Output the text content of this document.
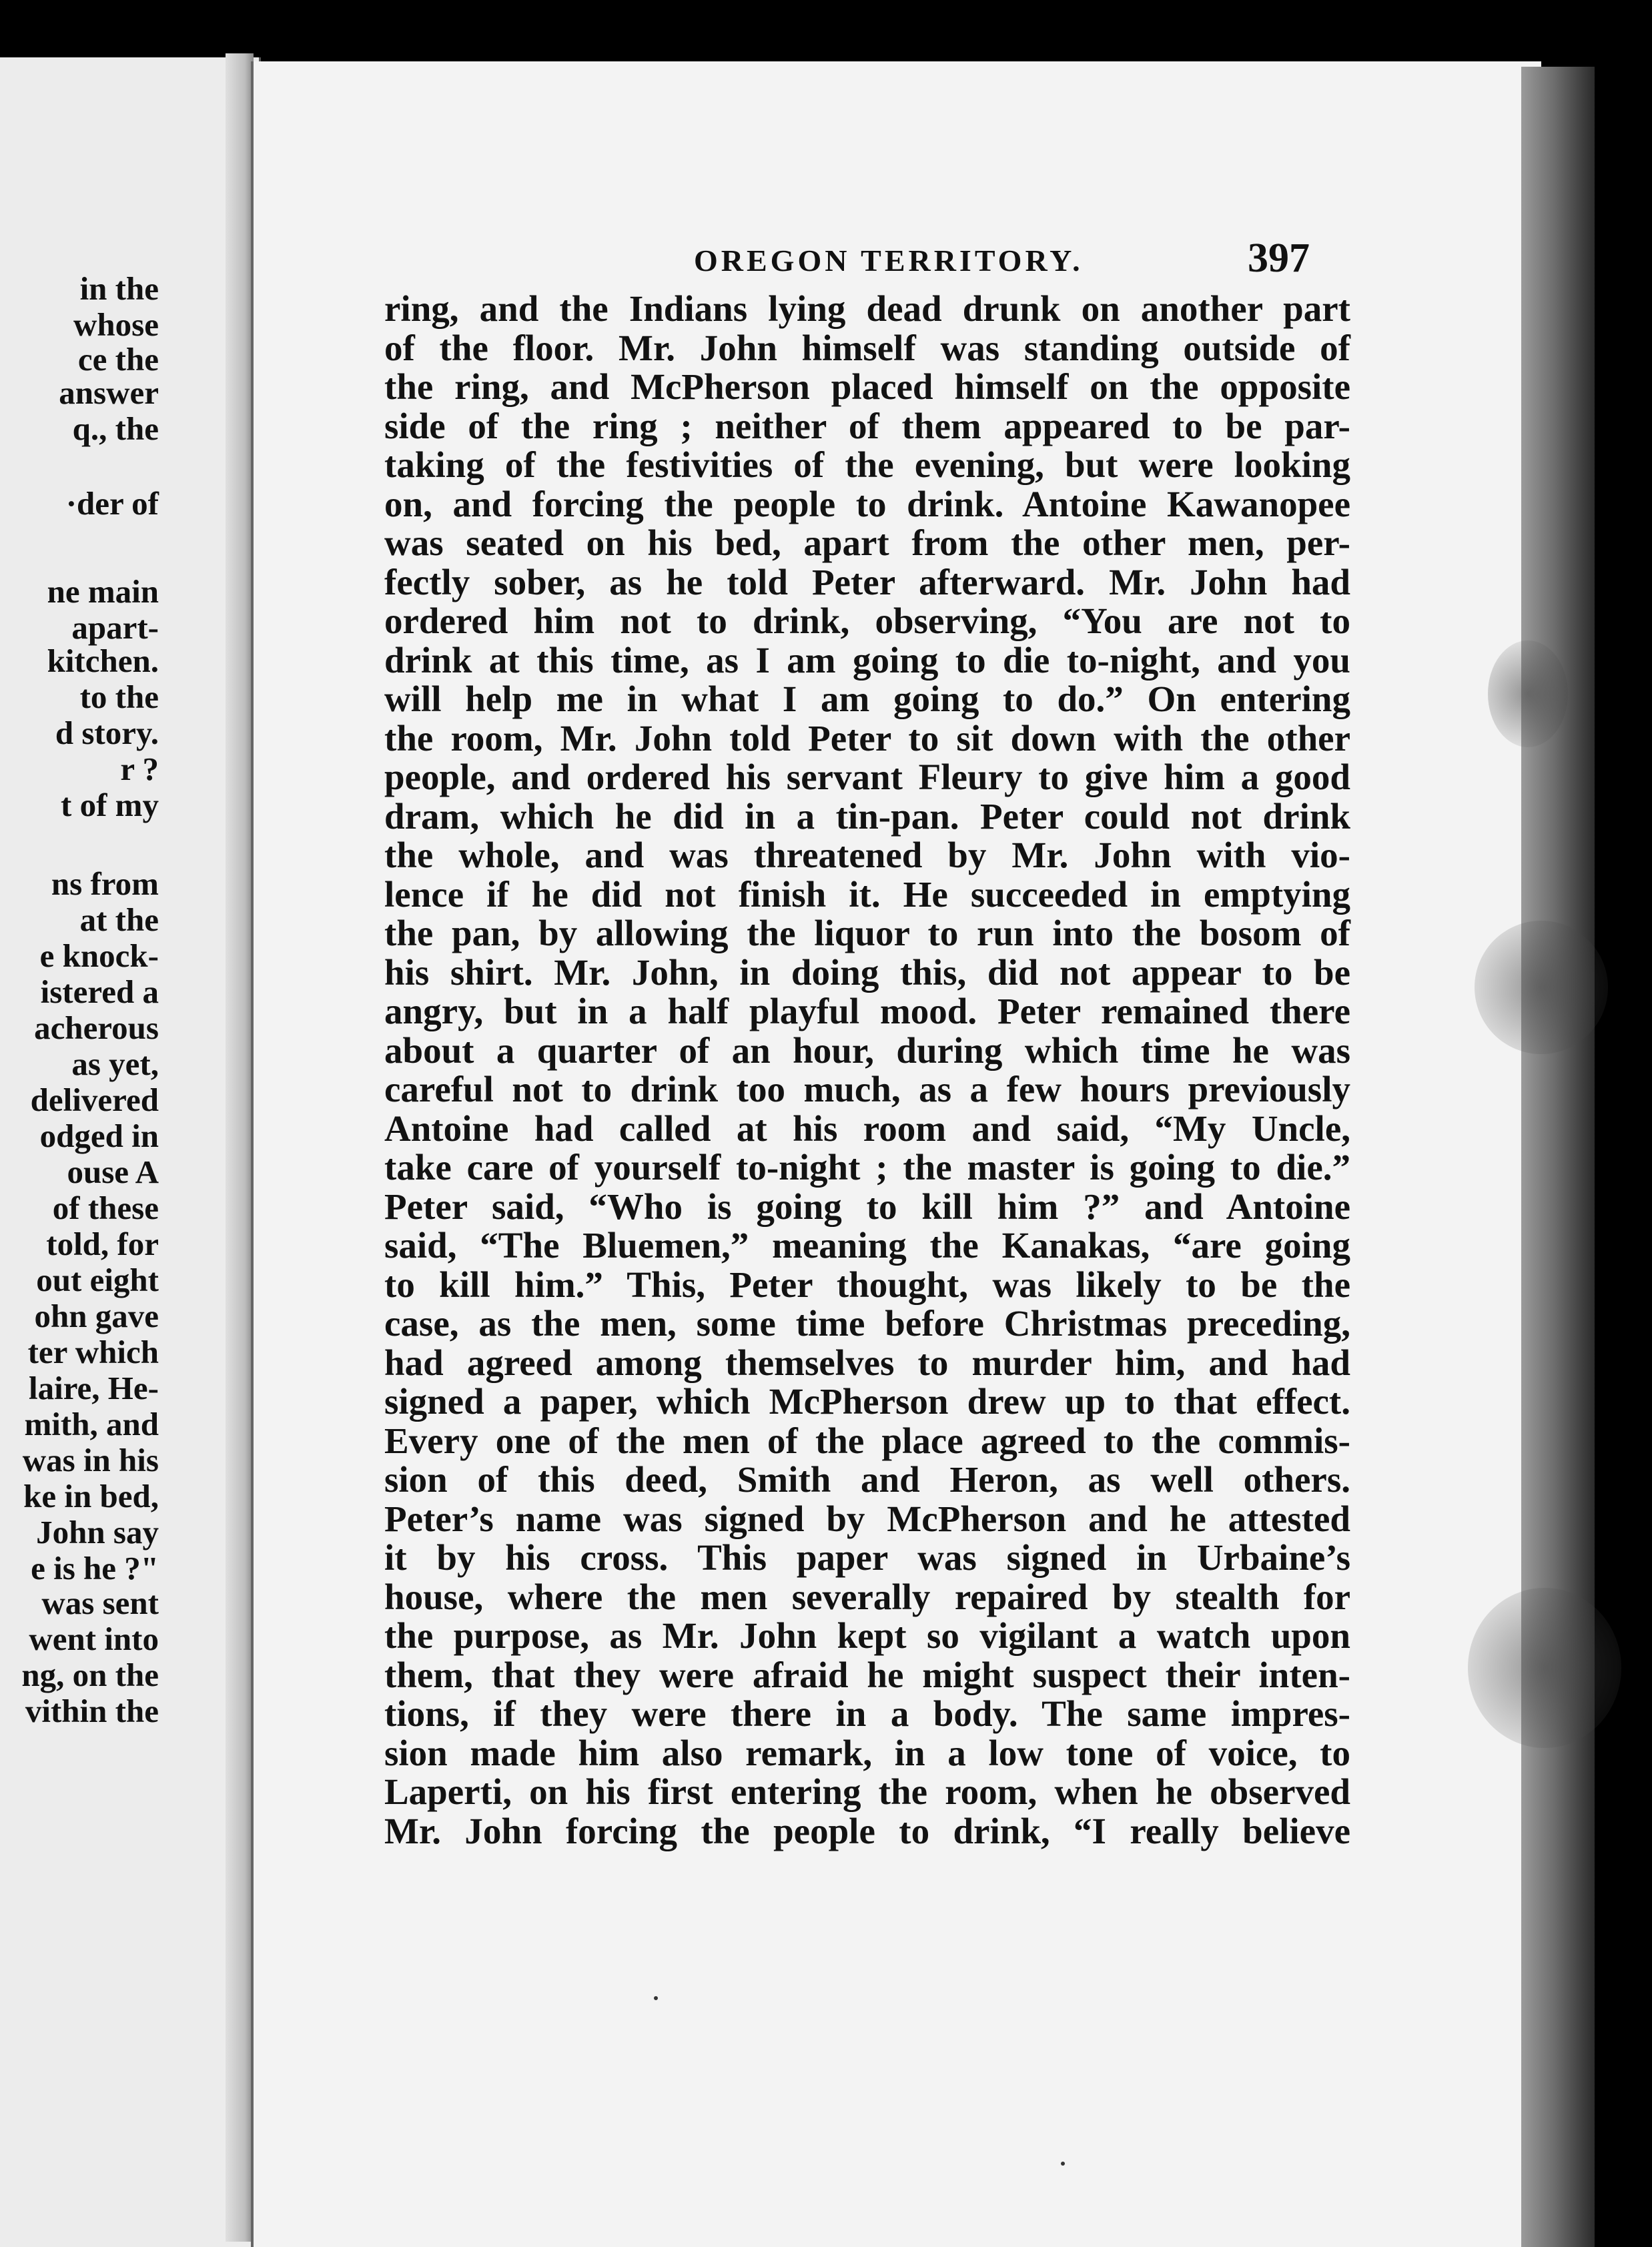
in the
whose
ce the
answer
q., the
·der of
ne main
apart-
kitchen.
to the
d story.
r ?
t of my
ns from
at the
e knock-
istered a
acherous
as yet,
delivered
odged in
ouse A
of these
told, for
out eight
ohn gave
ter which
laire, He-
mith, and
was in his
ke in bed,
John say
e is he ?"
was sent
went into
ng, on the
vithin the
OREGON TERRITORY.	397
ring, and the Indians lying dead drunk on another part
of the floor. Mr. John himself was standing outside of
the ring, and McPherson placed himself on the opposite
side of the ring ; neither of them appeared to be par-
taking of the festivities of the evening, but were looking
on, and forcing the people to drink. Antoine Kawanopee
was seated on his bed, apart from the other men, per-
fectly sober, as he told Peter afterward. Mr. John had
ordered him not to drink, observing, “You are not to
drink at this time, as I am going to die to-night, and you
will help me in what I am going to do.” On entering
the room, Mr. John told Peter to sit down with the other
people, and ordered his servant Fleury to give him a good
dram, which he did in a tin-pan. Peter could not drink
the whole, and was threatened by Mr. John with vio-
lence if he did not finish it. He succeeded in emptying
the pan, by allowing the liquor to run into the bosom of
his shirt. Mr. John, in doing this, did not appear to be
angry, but in a half playful mood. Peter remained there
about a quarter of an hour, during which time he was
careful not to drink too much, as a few hours previously
Antoine had called at his room and said, “My Uncle,
take care of yourself to-night ; the master is going to die.”
Peter said, “Who is going to kill him ?” and Antoine
said, “The Bluemen,” meaning the Kanakas, “are going
to kill him.” This, Peter thought, was likely to be the
case, as the men, some time before Christmas preceding,
had agreed among themselves to murder him, and had
signed a paper, which McPherson drew up to that effect.
Every one of the men of the place agreed to the commis-
sion of this deed, Smith and Heron, as well others.
Peter’s name was signed by McPherson and he attested
it by his cross. This paper was signed in Urbaine’s
house, where the men severally repaired by stealth for
the purpose, as Mr. John kept so vigilant a watch upon
them, that they were afraid he might suspect their inten-
tions, if they were there in a body. The same impres-
sion made him also remark, in a low tone of voice, to
Laperti, on his first entering the room, when he observed
Mr. John forcing the people to drink, “I really believe
